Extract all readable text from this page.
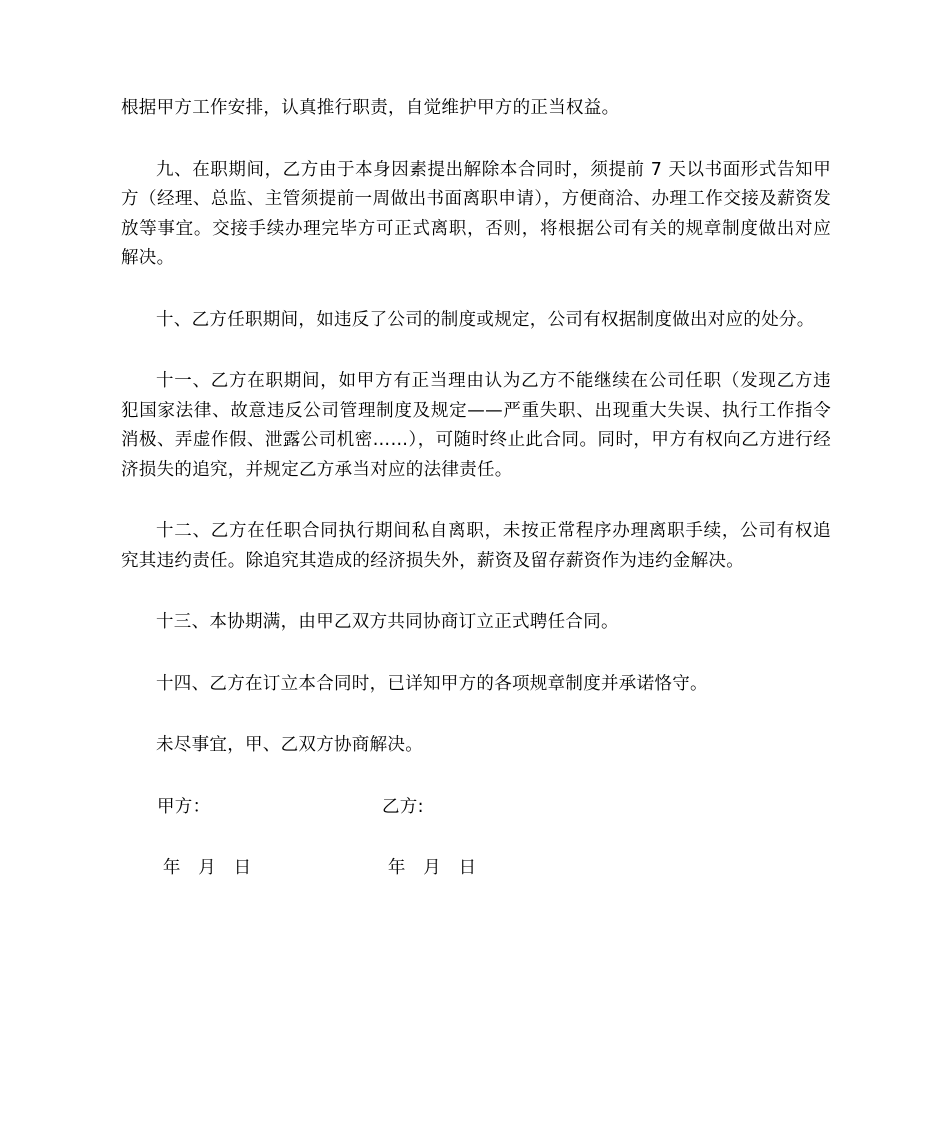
根据甲方工作安排，认真推行职责，自觉维护甲方的正当权益。

九、在职期间，乙方由于本身因素提出解除本合同时，须提前 7 天以书面形式告知甲方（经理、总监、主管须提前一周做出书面离职申请），方便商洽、办理工作交接及薪资发放等事宜。交接手续办理完毕方可正式离职，否则，将根据公司有关的规章制度做出对应解决。

十、乙方任职期间，如违反了公司的制度或规定，公司有权据制度做出对应的处分。

十一、乙方在职期间，如甲方有正当理由认为乙方不能继续在公司任职（发现乙方违犯国家法律、故意违反公司管理制度及规定——严重失职、出现重大失误、执行工作指令消极、弄虚作假、泄露公司机密……），可随时终止此合同。同时，甲方有权向乙方进行经济损失的追究，并规定乙方承当对应的法律责任。

十二、乙方在任职合同执行期间私自离职，未按正常程序办理离职手续，公司有权追究其违约责任。除追究其造成的经济损失外，薪资及留存薪资作为违约金解决。

十三、本协期满，由甲乙双方共同协商订立正式聘任合同。

十四、乙方在订立本合同时，已详知甲方的各项规章制度并承诺恪守。

未尽事宜，甲、乙双方协商解决。

甲方：	乙方:
年   月   日	年   月   日
